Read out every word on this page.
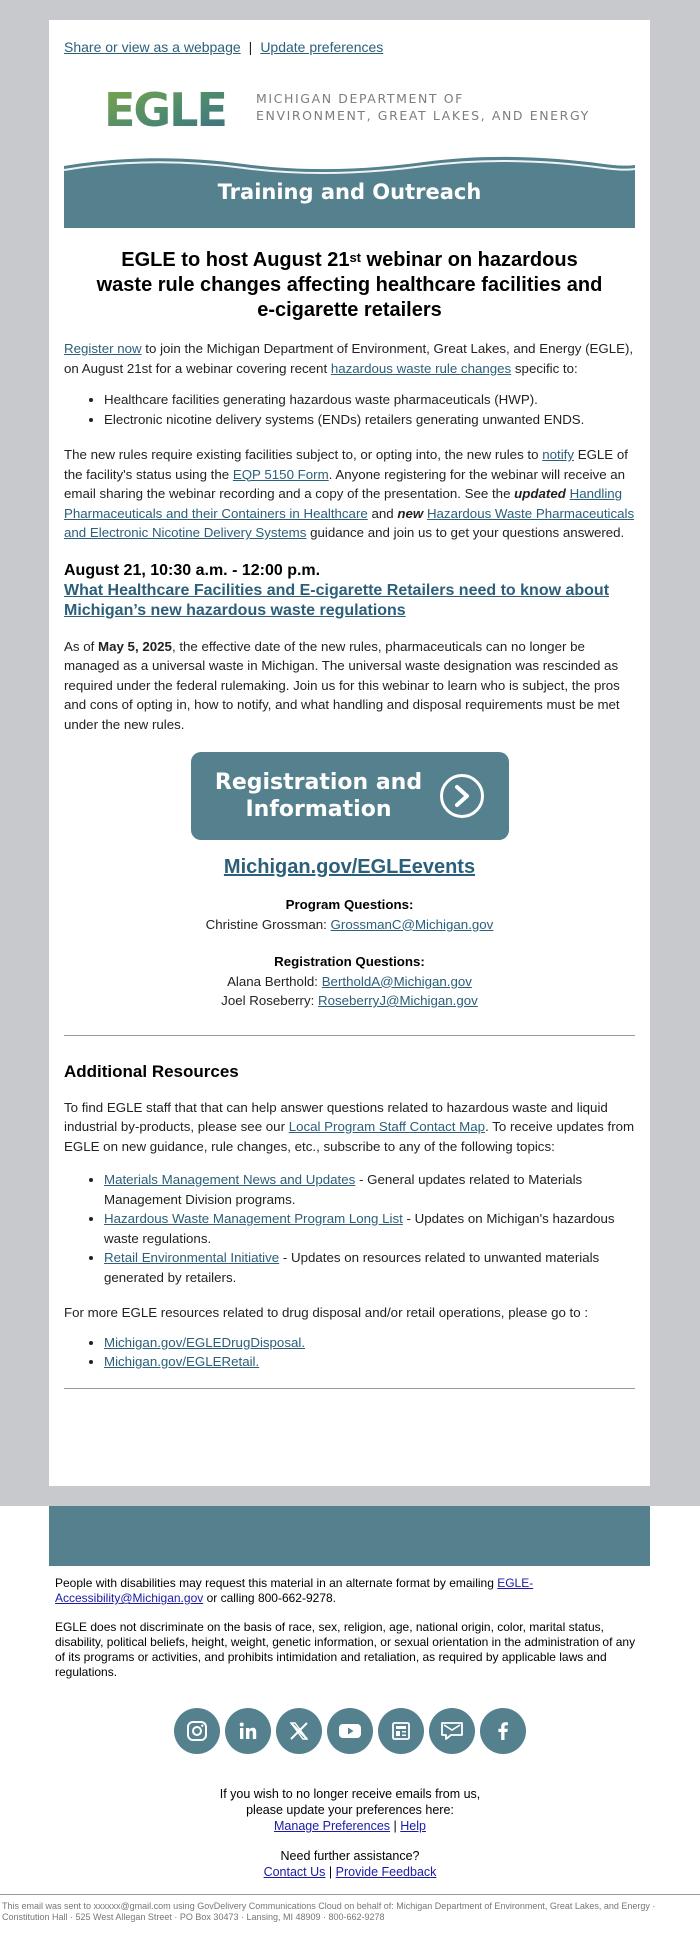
Share or view as a webpage | Update preferences
EGLE MICHIGAN DEPARTMENT OF
ENVIRONMENT, GREAT LAKES, AND ENERGY
Training and Outreach
EGLE to host August 21st webinar on hazardous waste rule changes affecting healthcare facilities and e-cigarette retailers

Register now to join the Michigan Department of Environment, Great Lakes, and Energy (EGLE), on August 21st for a webinar covering recent hazardous waste rule changes specific to:

• Healthcare facilities generating hazardous waste pharmaceuticals (HWP).
• Electronic nicotine delivery systems (ENDs) retailers generating unwanted ENDS.

The new rules require existing facilities subject to, or opting into, the new rules to notify EGLE of the facility's status using the EQP 5150 Form. Anyone registering for the webinar will receive an email sharing the webinar recording and a copy of the presentation. See the updated Handling Pharmaceuticals and their Containers in Healthcare and new Hazardous Waste Pharmaceuticals and Electronic Nicotine Delivery Systems guidance and join us to get your questions answered.

August 21, 10:30 a.m. - 12:00 p.m.
What Healthcare Facilities and E-cigarette Retailers need to know about Michigan’s new hazardous waste regulations

As of May 5, 2025, the effective date of the new rules, pharmaceuticals can no longer be managed as a universal waste in Michigan. The universal waste designation was rescinded as required under the federal rulemaking. Join us for this webinar to learn who is subject, the pros and cons of opting in, how to notify, and what handling and disposal requirements must be met under the new rules.

Registration and
Information
Michigan.gov/EGLEevents
Program Questions:
Christine Grossman: GrossmanC@Michigan.gov
Registration Questions:
Alana Berthold: BertholdA@Michigan.gov
Joel Roseberry: RoseberryJ@Michigan.gov
Additional Resources

To find EGLE staff that that can help answer questions related to hazardous waste and liquid industrial by-products, please see our Local Program Staff Contact Map. To receive updates from EGLE on new guidance, rule changes, etc., subscribe to any of the following topics:

• Materials Management News and Updates - General updates related to Materials Management Division programs.
• Hazardous Waste Management Program Long List - Updates on Michigan's hazardous waste regulations.
• Retail Environmental Initiative - Updates on resources related to unwanted materials generated by retailers.

For more EGLE resources related to drug disposal and/or retail operations, please go to :

• Michigan.gov/EGLEDrugDisposal.
• Michigan.gov/EGLERetail.

People with disabilities may request this material in an alternate format by emailing EGLE-Accessibility@Michigan.gov or calling 800-662-9278.

EGLE does not discriminate on the basis of race, sex, religion, age, national origin, color, marital status, disability, political beliefs, height, weight, genetic information, or sexual orientation in the administration of any of its programs or activities, and prohibits intimidation and retaliation, as required by applicable laws and regulations.

If you wish to no longer receive emails from us,
please update your preferences here:
Manage Preferences | Help
Need further assistance?
Contact Us | Provide Feedback
This email was sent to xxxxxx@gmail.com using GovDelivery Communications Cloud on behalf of: Michigan Department of Environment, Great Lakes, and Energy · Constitution Hall · 525 West Allegan Street · PO Box 30473 · Lansing, MI 48909 · 800-662-9278
